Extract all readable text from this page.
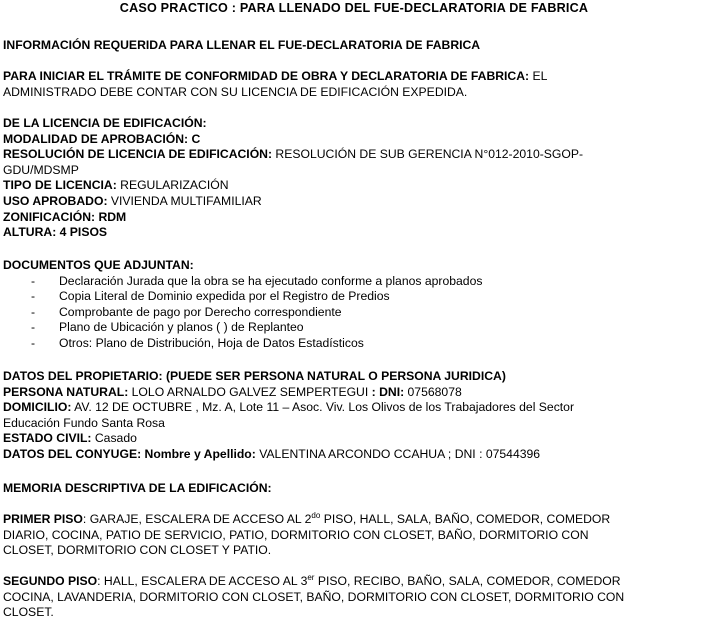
CASO PRACTICO : PARA LLENADO DEL FUE-DECLARATORIA DE FABRICA
INFORMACIÓN REQUERIDA PARA LLENAR EL FUE-DECLARATORIA DE FABRICA
PARA INICIAR EL TRÁMITE DE CONFORMIDAD DE OBRA Y DECLARATORIA DE FABRICA: EL
ADMINISTRADO DEBE CONTAR CON SU LICENCIA DE EDIFICACIÓN EXPEDIDA.
DE LA LICENCIA DE EDIFICACIÓN:
MODALIDAD DE APROBACIÓN: C
RESOLUCIÓN DE LICENCIA DE EDIFICACIÓN: RESOLUCIÓN DE SUB GERENCIA N°012-2010-SGOP-
GDU/MDSMP
TIPO DE LICENCIA: REGULARIZACIÓN
USO APROBADO: VIVIENDA MULTIFAMILIAR
ZONIFICACIÓN: RDM
ALTURA: 4 PISOS
DOCUMENTOS QUE ADJUNTAN:
- Declaración Jurada que la obra se ha ejecutado conforme a planos aprobados
- Copia Literal de Dominio expedida por el Registro de Predios
- Comprobante de pago por Derecho correspondiente
- Plano de Ubicación y planos ( ) de Replanteo
- Otros: Plano de Distribución, Hoja de Datos Estadísticos
DATOS DEL PROPIETARIO: (PUEDE SER PERSONA NATURAL O PERSONA JURIDICA)
PERSONA NATURAL: LOLO ARNALDO GALVEZ SEMPERTEGUI : DNI: 07568078
DOMICILIO: AV. 12 DE OCTUBRE , Mz. A, Lote 11 – Asoc. Viv. Los Olivos de los Trabajadores del Sector
Educación Fundo Santa Rosa
ESTADO CIVIL: Casado
DATOS DEL CONYUGE: Nombre y Apellido: VALENTINA ARCONDO CCAHUA ; DNI : 07544396
MEMORIA DESCRIPTIVA DE LA EDIFICACIÓN:
PRIMER PISO: GARAJE, ESCALERA DE ACCESO AL $2^{do}$ PISO, HALL, SALA, BAÑO, COMEDOR, COMEDOR
DIARIO, COCINA, PATIO DE SERVICIO, PATIO, DORMITORIO CON CLOSET, BAÑO, DORMITORIO CON
CLOSET, DORMITORIO CON CLOSET Y PATIO.
SEGUNDO PISO: HALL, ESCALERA DE ACCESO AL 3er PISO, RECIBO, BAÑO, SALA, COMEDOR, COMEDOR
COCINA, LAVANDERIA, DORMITORIO CON CLOSET, BAÑO, DORMITORIO CON CLOSET, DORMITORIO CON
CLOSET.
